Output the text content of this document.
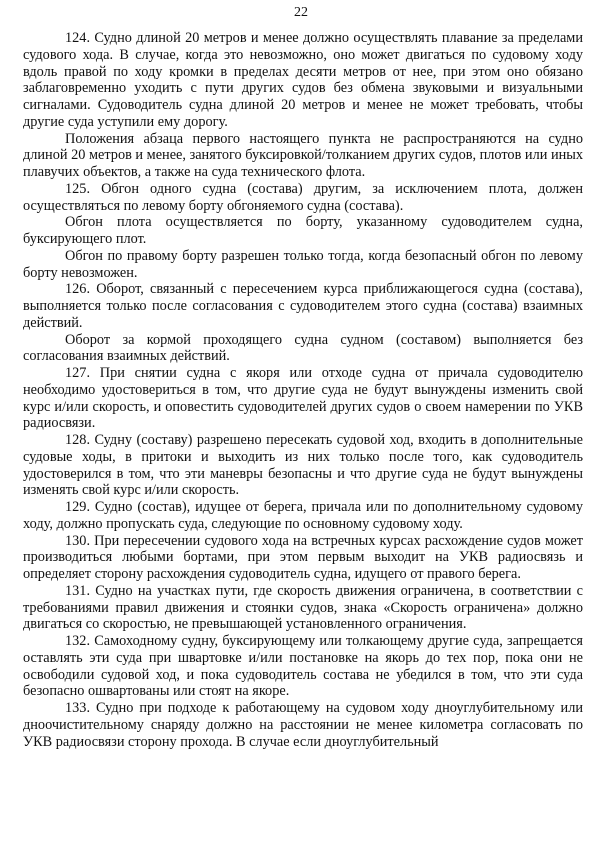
22

124. Судно длиной 20 метров и менее должно осуществлять плавание за пределами судового хода. В случае, когда это невозможно, оно может двигаться по судовому ходу вдоль правой по ходу кромки в пределах десяти метров от нее, при этом оно обязано заблаговременно уходить с пути других судов без обмена звуковыми и визуальными сигналами. Судоводитель судна длиной 20 метров и менее не может требовать, чтобы другие суда уступили ему дорогу.

Положения абзаца первого настоящего пункта не распространяются на судно длиной 20 метров и менее, занятого буксировкой/толканием других судов, плотов или иных плавучих объектов, а также на суда технического флота.

125. Обгон одного судна (состава) другим, за исключением плота, должен осуществляться по левому борту обгоняемого судна (состава).

Обгон плота осуществляется по борту, указанному судоводителем судна, буксирующего плот.

Обгон по правому борту разрешен только тогда, когда безопасный обгон по левому борту невозможен.

126. Оборот, связанный с пересечением курса приближающегося судна (состава), выполняется только после согласования с судоводителем этого судна (состава) взаимных действий.

Оборот за кормой проходящего судна судном (составом) выполняется без согласования взаимных действий.

127. При снятии судна с якоря или отходе судна от причала судоводителю необходимо удостовериться в том, что другие суда не будут вынуждены изменить свой курс и/или скорость, и оповестить судоводителей других судов о своем намерении по УКВ радиосвязи.

128. Судну (составу) разрешено пересекать судовой ход, входить в дополнительные судовые ходы, в притоки и выходить из них только после того, как судоводитель удостоверился в том, что эти маневры безопасны и что другие суда не будут вынуждены изменять свой курс и/или скорость.

129. Судно (состав), идущее от берега, причала или по дополнительному судовому ходу, должно пропускать суда, следующие по основному судовому ходу.

130. При пересечении судового хода на встречных курсах расхождение судов может производиться любыми бортами, при этом первым выходит на УКВ радиосвязь и определяет сторону расхождения судоводитель судна, идущего от правого берега.

131. Судно на участках пути, где скорость движения ограничена, в соответствии с требованиями правил движения и стоянки судов, знака «Скорость ограничена» должно двигаться со скоростью, не превышающей установленного ограничения.

132. Самоходному судну, буксирующему или толкающему другие суда, запрещается оставлять эти суда при швартовке и/или постановке на якорь до тех пор, пока они не освободили судовой ход, и пока судоводитель состава не убедился в том, что эти суда безопасно ошвартованы или стоят на якоре.

133. Судно при подходе к работающему на судовом ходу дноуглубительному или дноочистительному снаряду должно на расстоянии не менее километра согласовать по УКВ радиосвязи сторону прохода. В случае если дноуглубительный
